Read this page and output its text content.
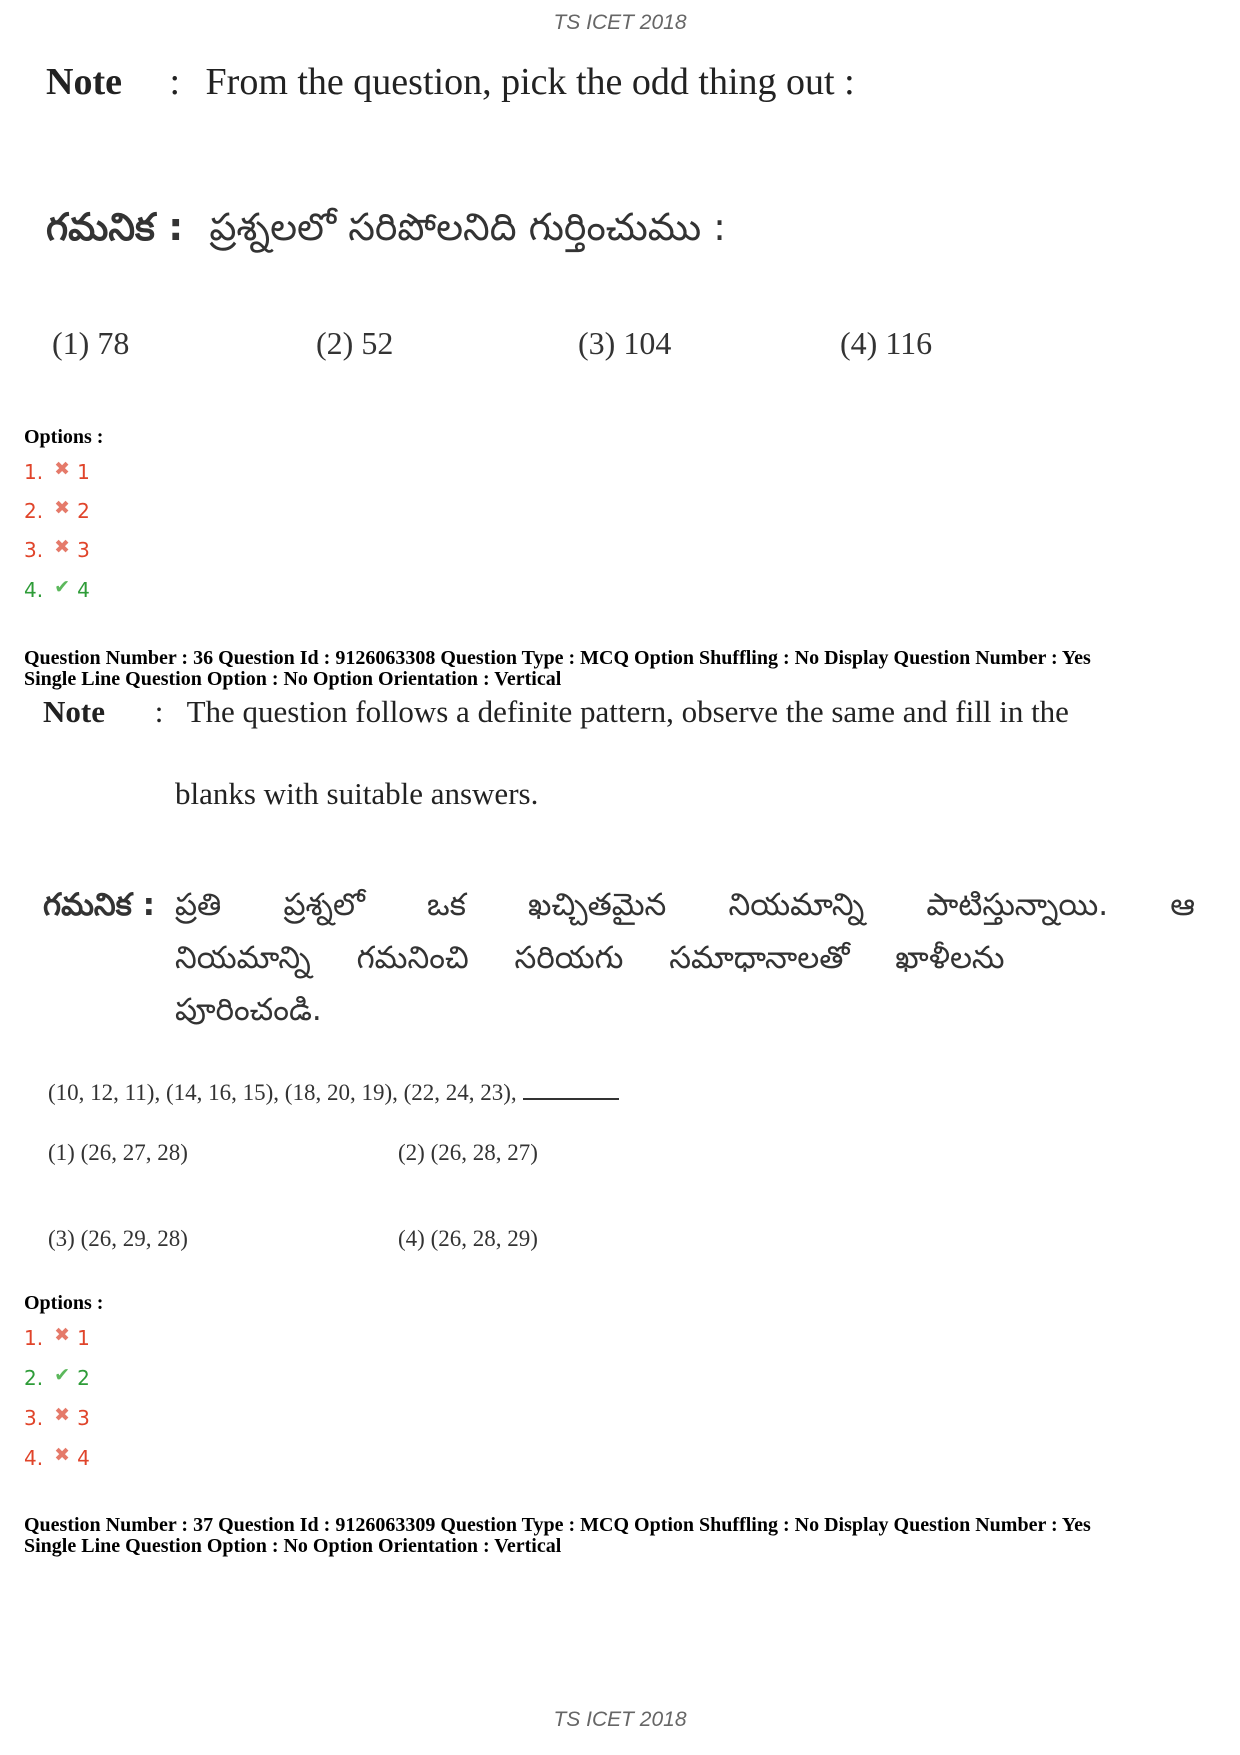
TS ICET 2018
Note : From the question, pick the odd thing out :
గమనిక : ప్రశ్నలలో సరిపోలనిది గుర్తించుము :
(1) 78	(2) 52	(3) 104	(4) 116
Options :
1. ✖ 1
2. ✖ 2
3. ✖ 3
4. ✔ 4
Question Number : 36 Question Id : 9126063308 Question Type : MCQ Option Shuffling : No Display Question Number : Yes
Single Line Question Option : No Option Orientation : Vertical
Note : The question follows a definite pattern, observe the same and fill in the
blanks with suitable answers.
గమనిక : ప్రతి ప్రశ్నలో ఒక ఖచ్చితమైన నియమాన్ని పాటిస్తున్నాయి. ఆ
నియమాన్ని గమనించి సరియగు సమాధానాలతో ఖాళీలను
పూరించండి.
(10, 12, 11), (14, 16, 15), (18, 20, 19), (22, 24, 23),
(1) (26, 27, 28)	(2) (26, 28, 27)
(3) (26, 29, 28)	(4) (26, 28, 29)
Options :
1. ✖ 1
2. ✔ 2
3. ✖ 3
4. ✖ 4
Question Number : 37 Question Id : 9126063309 Question Type : MCQ Option Shuffling : No Display Question Number : Yes
Single Line Question Option : No Option Orientation : Vertical
TS ICET 2018
